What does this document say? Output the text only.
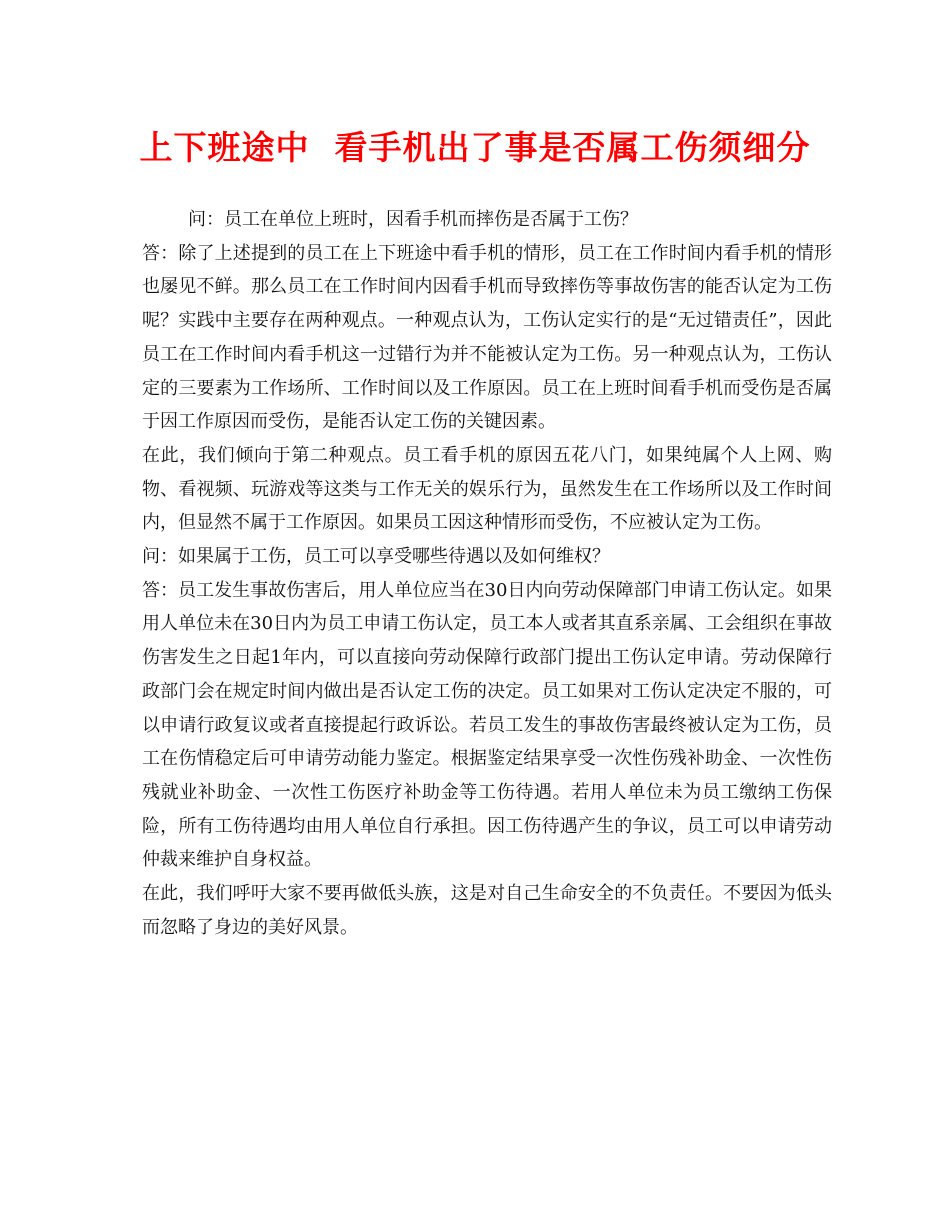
上下班途中  看手机出了事是否属工伤须细分

问：员工在单位上班时，因看手机而摔伤是否属于工伤？

答：除了上述提到的员工在上下班途中看手机的情形，员工在工作时间内看手机的情形也屡见不鲜。那么员工在工作时间内因看手机而导致摔伤等事故伤害的能否认定为工伤呢？实践中主要存在两种观点。一种观点认为，工伤认定实行的是“无过错责任”，因此员工在工作时间内看手机这一过错行为并不能被认定为工伤。另一种观点认为，工伤认定的三要素为工作场所、工作时间以及工作原因。员工在上班时间看手机而受伤是否属于因工作原因而受伤，是能否认定工伤的关键因素。

在此，我们倾向于第二种观点。员工看手机的原因五花八门，如果纯属个人上网、购物、看视频、玩游戏等这类与工作无关的娱乐行为，虽然发生在工作场所以及工作时间内，但显然不属于工作原因。如果员工因这种情形而受伤，不应被认定为工伤。

问：如果属于工伤，员工可以享受哪些待遇以及如何维权？

答：员工发生事故伤害后，用人单位应当在30日内向劳动保障部门申请工伤认定。如果用人单位未在30日内为员工申请工伤认定，员工本人或者其直系亲属、工会组织在事故伤害发生之日起1年内，可以直接向劳动保障行政部门提出工伤认定申请。劳动保障行政部门会在规定时间内做出是否认定工伤的决定。员工如果对工伤认定决定不服的，可以申请行政复议或者直接提起行政诉讼。若员工发生的事故伤害最终被认定为工伤，员工在伤情稳定后可申请劳动能力鉴定。根据鉴定结果享受一次性伤残补助金、一次性伤残就业补助金、一次性工伤医疗补助金等工伤待遇。若用人单位未为员工缴纳工伤保险，所有工伤待遇均由用人单位自行承担。因工伤待遇产生的争议，员工可以申请劳动仲裁来维护自身权益。

在此，我们呼吁大家不要再做低头族，这是对自己生命安全的不负责任。不要因为低头而忽略了身边的美好风景。
